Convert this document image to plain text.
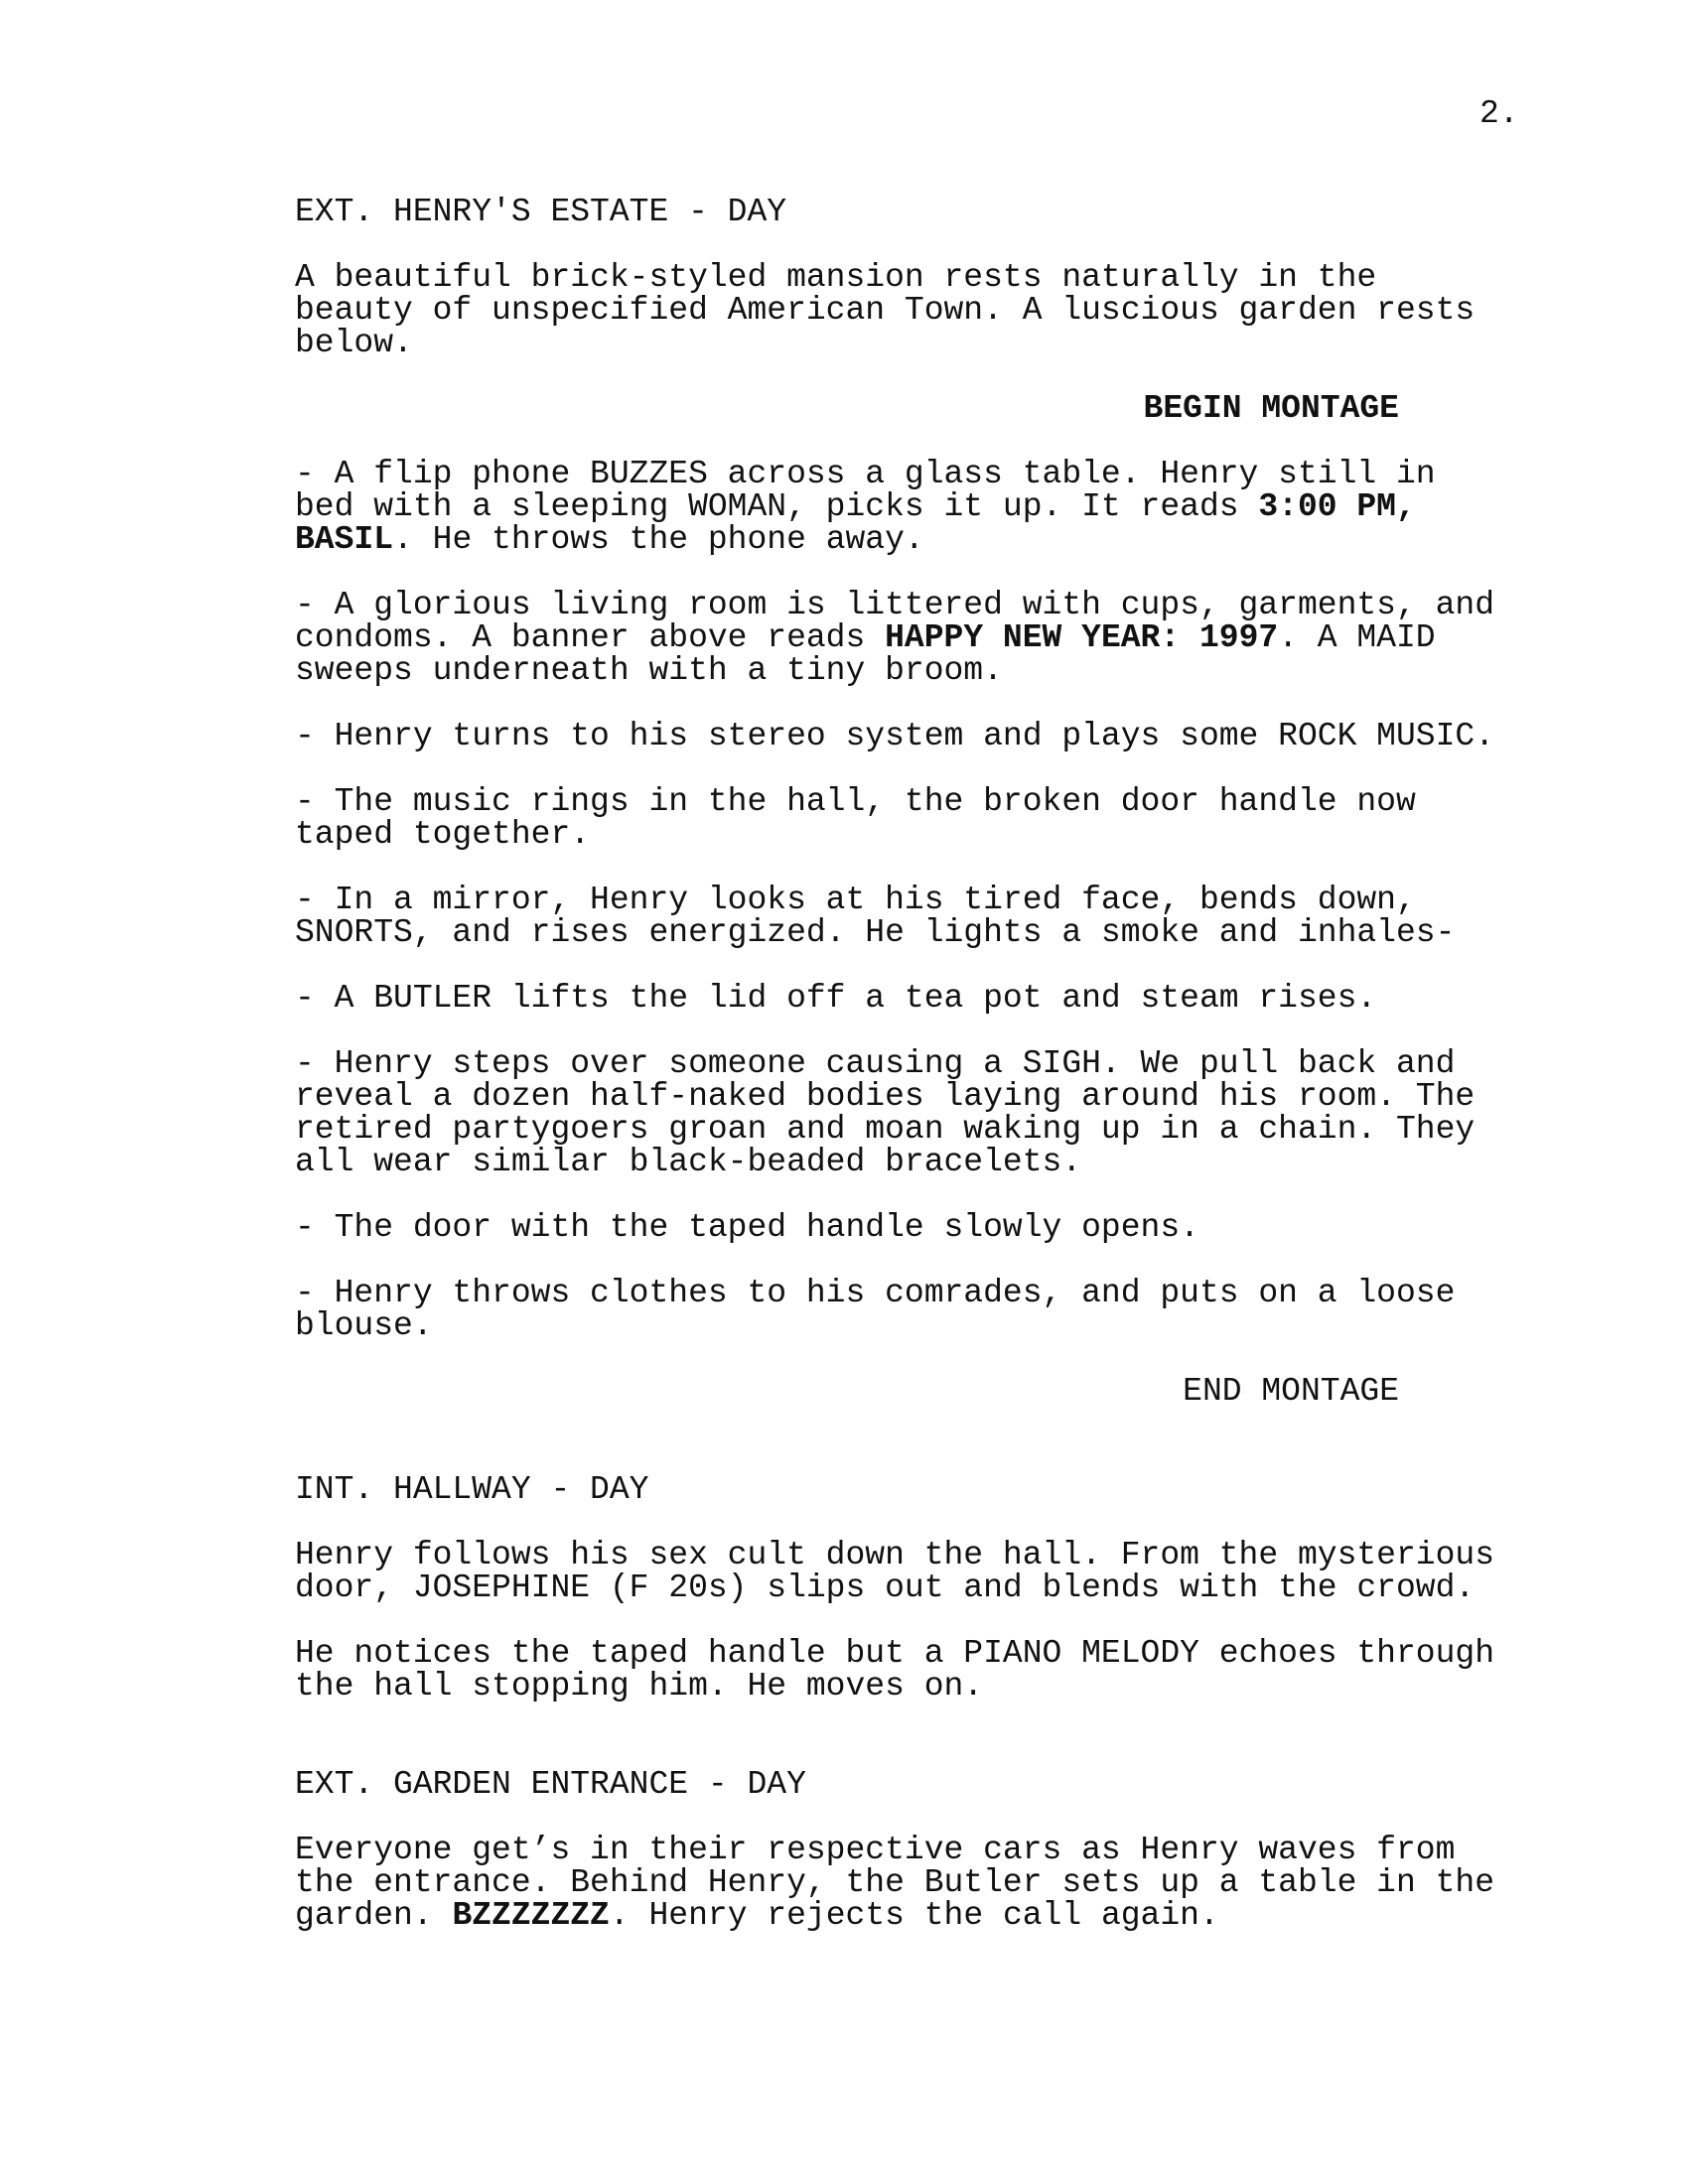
2.
EXT. HENRY'S ESTATE - DAY
A beautiful brick-styled mansion rests naturally in the
beauty of unspecified American Town. A luscious garden rests
below.
BEGIN MONTAGE
- A flip phone BUZZES across a glass table. Henry still in
bed with a sleeping WOMAN, picks it up. It reads 3:00 PM,
BASIL. He throws the phone away.
- A glorious living room is littered with cups, garments, and
condoms. A banner above reads HAPPY NEW YEAR: 1997. A MAID
sweeps underneath with a tiny broom.
- Henry turns to his stereo system and plays some ROCK MUSIC.
- The music rings in the hall, the broken door handle now
taped together.
- In a mirror, Henry looks at his tired face, bends down,
SNORTS, and rises energized. He lights a smoke and inhales-
- A BUTLER lifts the lid off a tea pot and steam rises.
- Henry steps over someone causing a SIGH. We pull back and
reveal a dozen half-naked bodies laying around his room. The
retired partygoers groan and moan waking up in a chain. They
all wear similar black-beaded bracelets.
- The door with the taped handle slowly opens.
- Henry throws clothes to his comrades, and puts on a loose
blouse.
END MONTAGE
INT. HALLWAY - DAY
Henry follows his sex cult down the hall. From the mysterious
door, JOSEPHINE (F 20s) slips out and blends with the crowd.
He notices the taped handle but a PIANO MELODY echoes through
the hall stopping him. He moves on.
EXT. GARDEN ENTRANCE - DAY
Everyone get’s in their respective cars as Henry waves from
the entrance. Behind Henry, the Butler sets up a table in the
garden. BZZZZZZZ. Henry rejects the call again.
